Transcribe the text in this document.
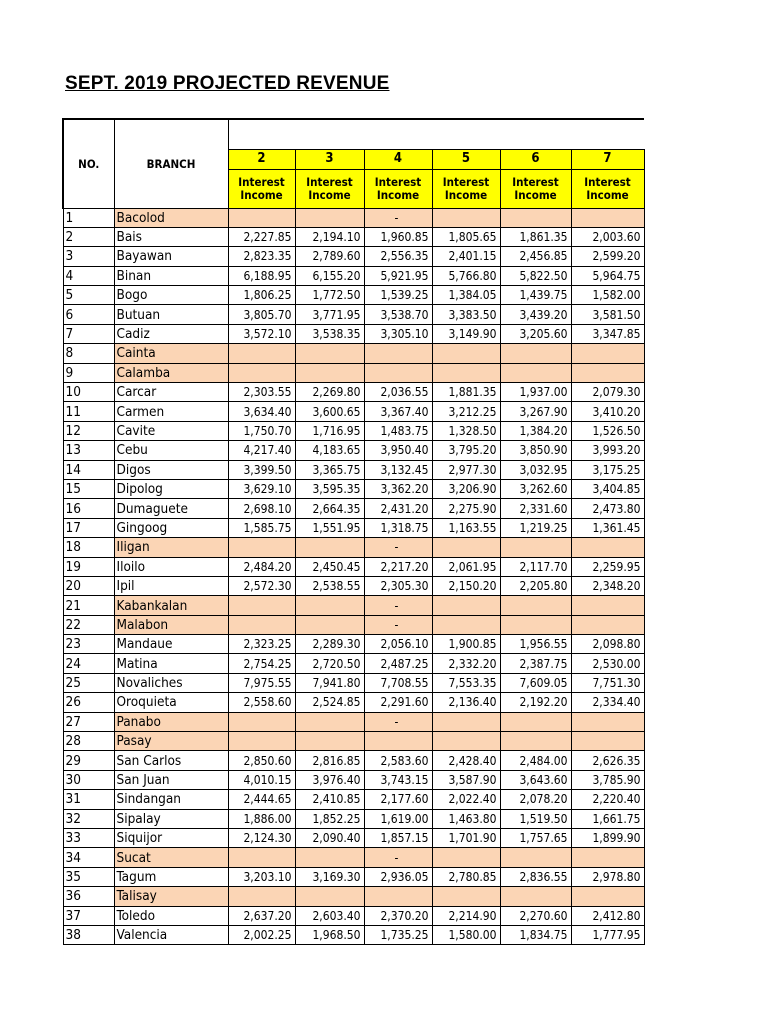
SEPT. 2019 PROJECTED REVENUE
NO.	BRANCH						
		2	3	4	5	6	7
		Interest Income	Interest Income	Interest Income	Interest Income	Interest Income	Interest Income
1	Bacolod			-			
2	Bais	2,227.85	2,194.10	1,960.85	1,805.65	1,861.35	2,003.60
3	Bayawan	2,823.35	2,789.60	2,556.35	2,401.15	2,456.85	2,599.20
4	Binan	6,188.95	6,155.20	5,921.95	5,766.80	5,822.50	5,964.75
5	Bogo	1,806.25	1,772.50	1,539.25	1,384.05	1,439.75	1,582.00
6	Butuan	3,805.70	3,771.95	3,538.70	3,383.50	3,439.20	3,581.50
7	Cadiz	3,572.10	3,538.35	3,305.10	3,149.90	3,205.60	3,347.85
8	Cainta						
9	Calamba						
10	Carcar	2,303.55	2,269.80	2,036.55	1,881.35	1,937.00	2,079.30
11	Carmen	3,634.40	3,600.65	3,367.40	3,212.25	3,267.90	3,410.20
12	Cavite	1,750.70	1,716.95	1,483.75	1,328.50	1,384.20	1,526.50
13	Cebu	4,217.40	4,183.65	3,950.40	3,795.20	3,850.90	3,993.20
14	Digos	3,399.50	3,365.75	3,132.45	2,977.30	3,032.95	3,175.25
15	Dipolog	3,629.10	3,595.35	3,362.20	3,206.90	3,262.60	3,404.85
16	Dumaguete	2,698.10	2,664.35	2,431.20	2,275.90	2,331.60	2,473.80
17	Gingoog	1,585.75	1,551.95	1,318.75	1,163.55	1,219.25	1,361.45
18	Iligan			-			
19	Iloilo	2,484.20	2,450.45	2,217.20	2,061.95	2,117.70	2,259.95
20	Ipil	2,572.30	2,538.55	2,305.30	2,150.20	2,205.80	2,348.20
21	Kabankalan			-			
22	Malabon			-			
23	Mandaue	2,323.25	2,289.30	2,056.10	1,900.85	1,956.55	2,098.80
24	Matina	2,754.25	2,720.50	2,487.25	2,332.20	2,387.75	2,530.00
25	Novaliches	7,975.55	7,941.80	7,708.55	7,553.35	7,609.05	7,751.30
26	Oroquieta	2,558.60	2,524.85	2,291.60	2,136.40	2,192.20	2,334.40
27	Panabo			-			
28	Pasay						
29	San Carlos	2,850.60	2,816.85	2,583.60	2,428.40	2,484.00	2,626.35
30	San Juan	4,010.15	3,976.40	3,743.15	3,587.90	3,643.60	3,785.90
31	Sindangan	2,444.65	2,410.85	2,177.60	2,022.40	2,078.20	2,220.40
32	Sipalay	1,886.00	1,852.25	1,619.00	1,463.80	1,519.50	1,661.75
33	Siquijor	2,124.30	2,090.40	1,857.15	1,701.90	1,757.65	1,899.90
34	Sucat			-			
35	Tagum	3,203.10	3,169.30	2,936.05	2,780.85	2,836.55	2,978.80
36	Talisay						
37	Toledo	2,637.20	2,603.40	2,370.20	2,214.90	2,270.60	2,412.80
38	Valencia	2,002.25	1,968.50	1,735.25	1,580.00	1,834.75	1,777.95
